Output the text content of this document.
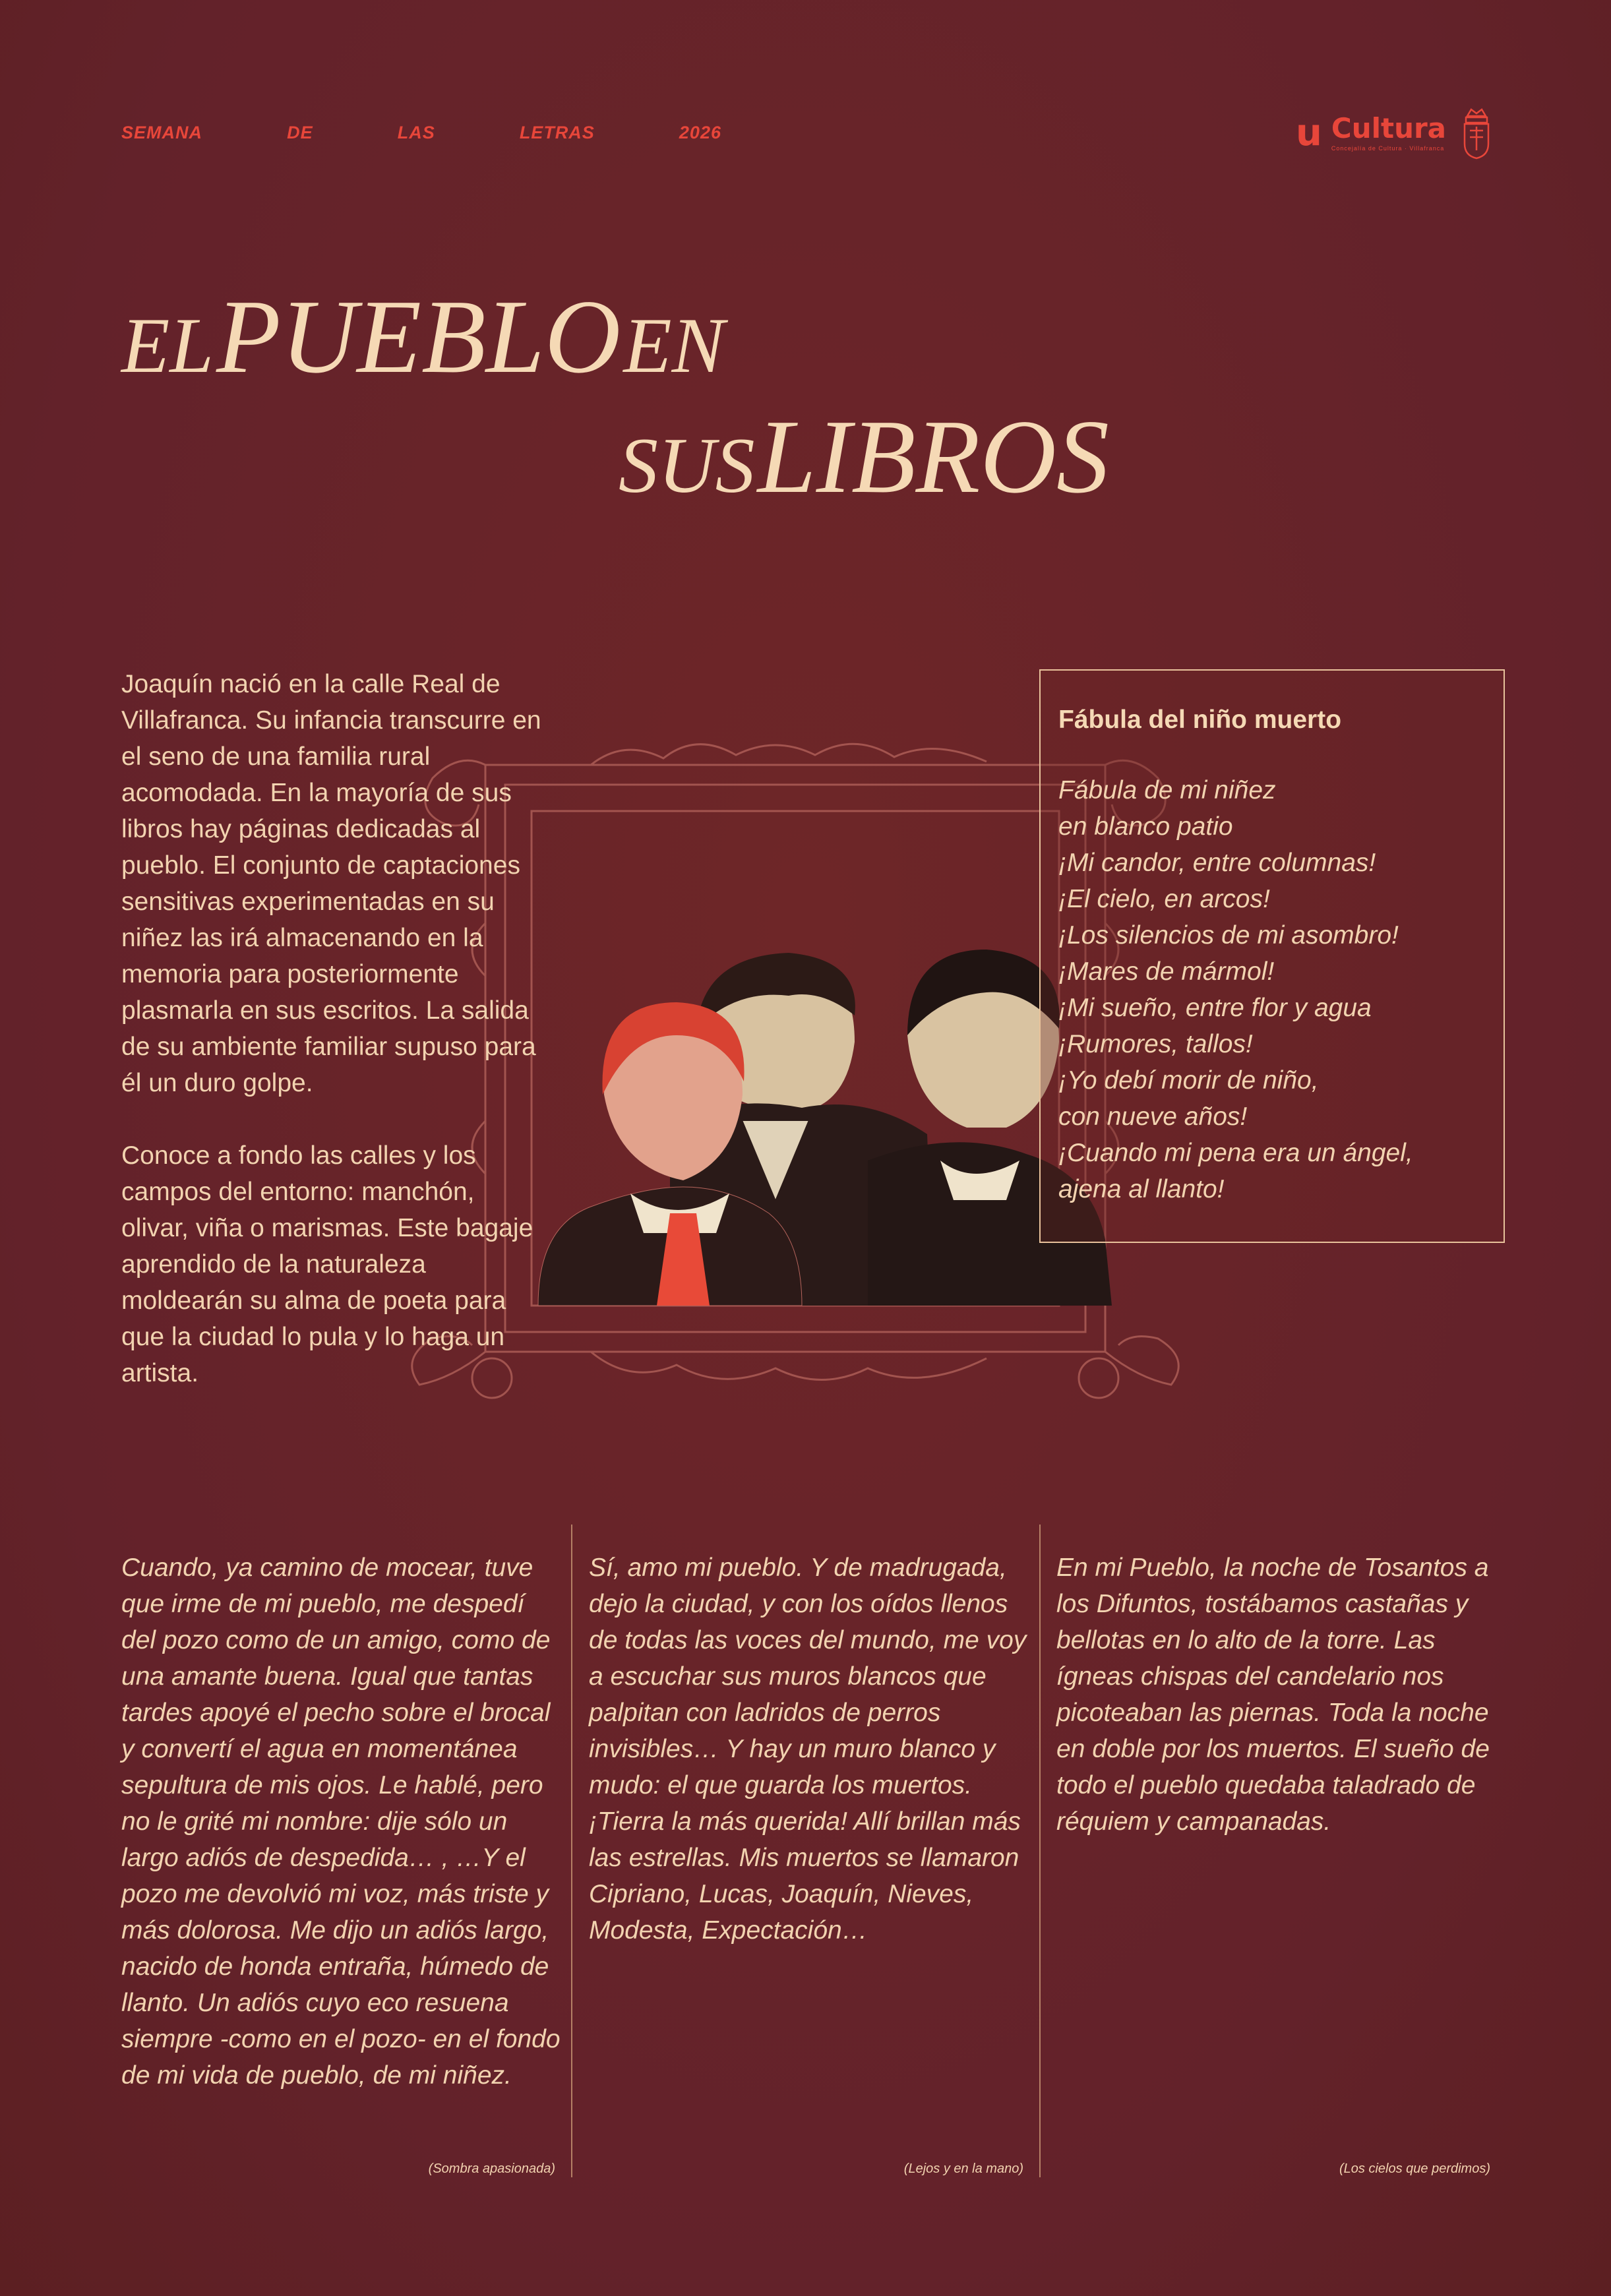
SEMANA	DE	LAS	LETRAS	2026	u Cultura
Concejalía de Cultura · Villafranca
EL PUEBLO EN
SUS LIBROS

Joaquín nació en la calle Real de Villafranca. Su infancia transcurre en el seno de una familia rural acomodada. En la mayoría de sus libros hay páginas dedicadas al pueblo. El conjunto de captaciones sensitivas experimentadas en su niñez las irá almacenando en la memoria para posteriormente plasmarla en sus escritos. La salida de su ambiente familiar supuso para él un duro golpe.

Conoce a fondo las calles y los campos del entorno: manchón, olivar, viña o marismas. Este bagaje aprendido de la naturaleza moldearán su alma de poeta para que la ciudad lo pula y lo haga un artista.

Fábula del niño muerto
Fábula de mi niñez
en blanco patio
¡Mi candor, entre columnas!
¡El cielo, en arcos!
¡Los silencios de mi asombro!
¡Mares de mármol!
¡Mi sueño, entre flor y agua
¡Rumores, tallos!
¡Yo debí morir de niño,
con nueve años!
¡Cuando mi pena era un ángel,
ajena al llanto!
Cuando, ya camino de mocear, tuve que irme de mi pueblo, me despedí del pozo como de un amigo, como de una amante buena. Igual que tantas tardes apoyé el pecho sobre el brocal y convertí el agua en momentánea sepultura de mis ojos. Le hablé, pero no le grité mi nombre: dije sólo un largo adiós de despedida… , …Y el pozo me devolvió mi voz, más triste y más dolorosa. Me dijo un adiós largo, nacido de honda entraña, húmedo de llanto. Un adiós cuyo eco resuena siempre -como en el pozo- en el fondo de mi vida de pueblo, de mi niñez.
Sí, amo mi pueblo. Y de madrugada, dejo la ciudad, y con los oídos llenos de todas las voces del mundo, me voy a escuchar sus muros blancos que palpitan con ladridos de perros invisibles… Y hay un muro blanco y mudo: el que guarda los muertos. ¡Tierra la más querida! Allí brillan más las estrellas. Mis muertos se llamaron Cipriano, Lucas, Joaquín, Nieves, Modesta, Expectación…
En mi Pueblo, la noche de Tosantos a los Difuntos, tostábamos castañas y bellotas en lo alto de la torre. Las ígneas chispas del candelario nos picoteaban las piernas. Toda la noche en doble por los muertos. El sueño de todo el pueblo quedaba taladrado de réquiem y campanadas.
(Sombra apasionada)	(Lejos y en la mano)	(Los cielos que perdimos)
